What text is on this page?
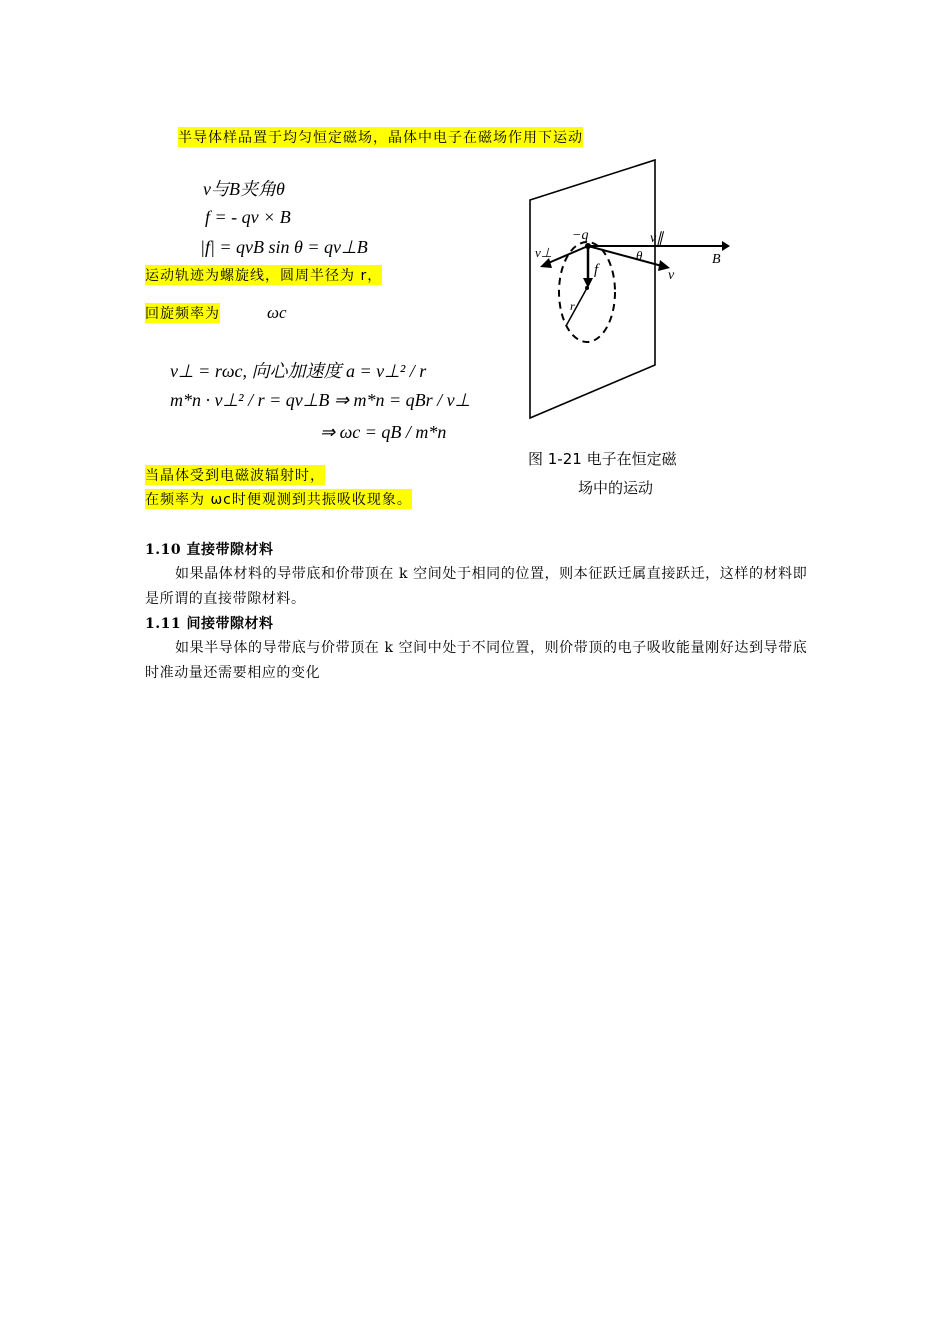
半导体样品置于均匀恒定磁场，晶体中电子在磁场作用下运动
v与B夹角θ
f = - qv × B
|f| = qvB sin θ = qv⊥B
运动轨迹为螺旋线，圆周半径为 r，
回旋频率为	ωc
v⊥ = rωc, 向心加速度 a = v⊥² / r
m*n · v⊥² / r = qv⊥B ⇒ m*n = qBr / v⊥
⇒ ωc = qB / m*n
当晶体受到电磁波辐射时，
在频率为 ωc时便观测到共振吸收现象。
−q	v∥
v⊥
f
θ
v
B
r
图 1-21 电子在恒定磁
场中的运动
1.10 直接带隙材料
如果晶体材料的导带底和价带顶在 k 空间处于相同的位置，则本征跃迁属直接跃迁，这样的材料即是所谓的直接带隙材料。
1.11 间接带隙材料
如果半导体的导带底与价带顶在 k 空间中处于不同位置，则价带顶的电子吸收能量刚好达到导带底时准动量还需要相应的变化
